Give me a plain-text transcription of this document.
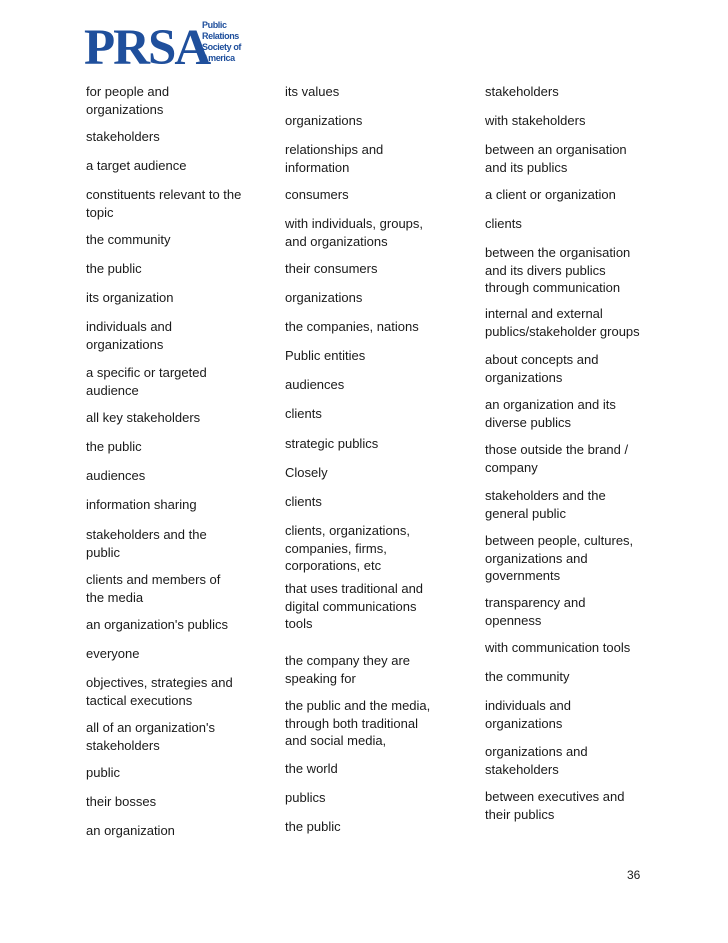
PRSA
Public
Relations
Society of
America
for people and
organizations
stakeholders
a target audience
constituents relevant to the
topic
the community
the public
its organization
individuals and
organizations
a specific or targeted
audience
all key stakeholders
the public
audiences
information sharing
stakeholders and the
public
clients and members of
the media
an organization's publics
everyone
objectives, strategies and
tactical executions
all of an organization's
stakeholders
public
their bosses
an organization
its values
organizations
relationships and
information
consumers
with individuals, groups,
and organizations
their consumers
organizations
the companies, nations
Public entities
audiences
clients
strategic publics
Closely
clients
clients, organizations,
companies, firms,
corporations, etc
that uses traditional and
digital communications
tools
the company they are
speaking for
the public and the media,
through both traditional
and social media,
the world
publics
the public
stakeholders
with stakeholders
between an organisation
and its publics
a client or organization
clients
between the organisation
and its divers publics
through communication
internal and external
publics/stakeholder groups
about concepts and
organizations
an organization and its
diverse publics
those outside the brand /
company
stakeholders and the
general public
between people, cultures,
organizations and
governments
transparency and
openness
with communication tools
the community
individuals and
organizations
organizations and
stakeholders
between executives and
their publics
36
